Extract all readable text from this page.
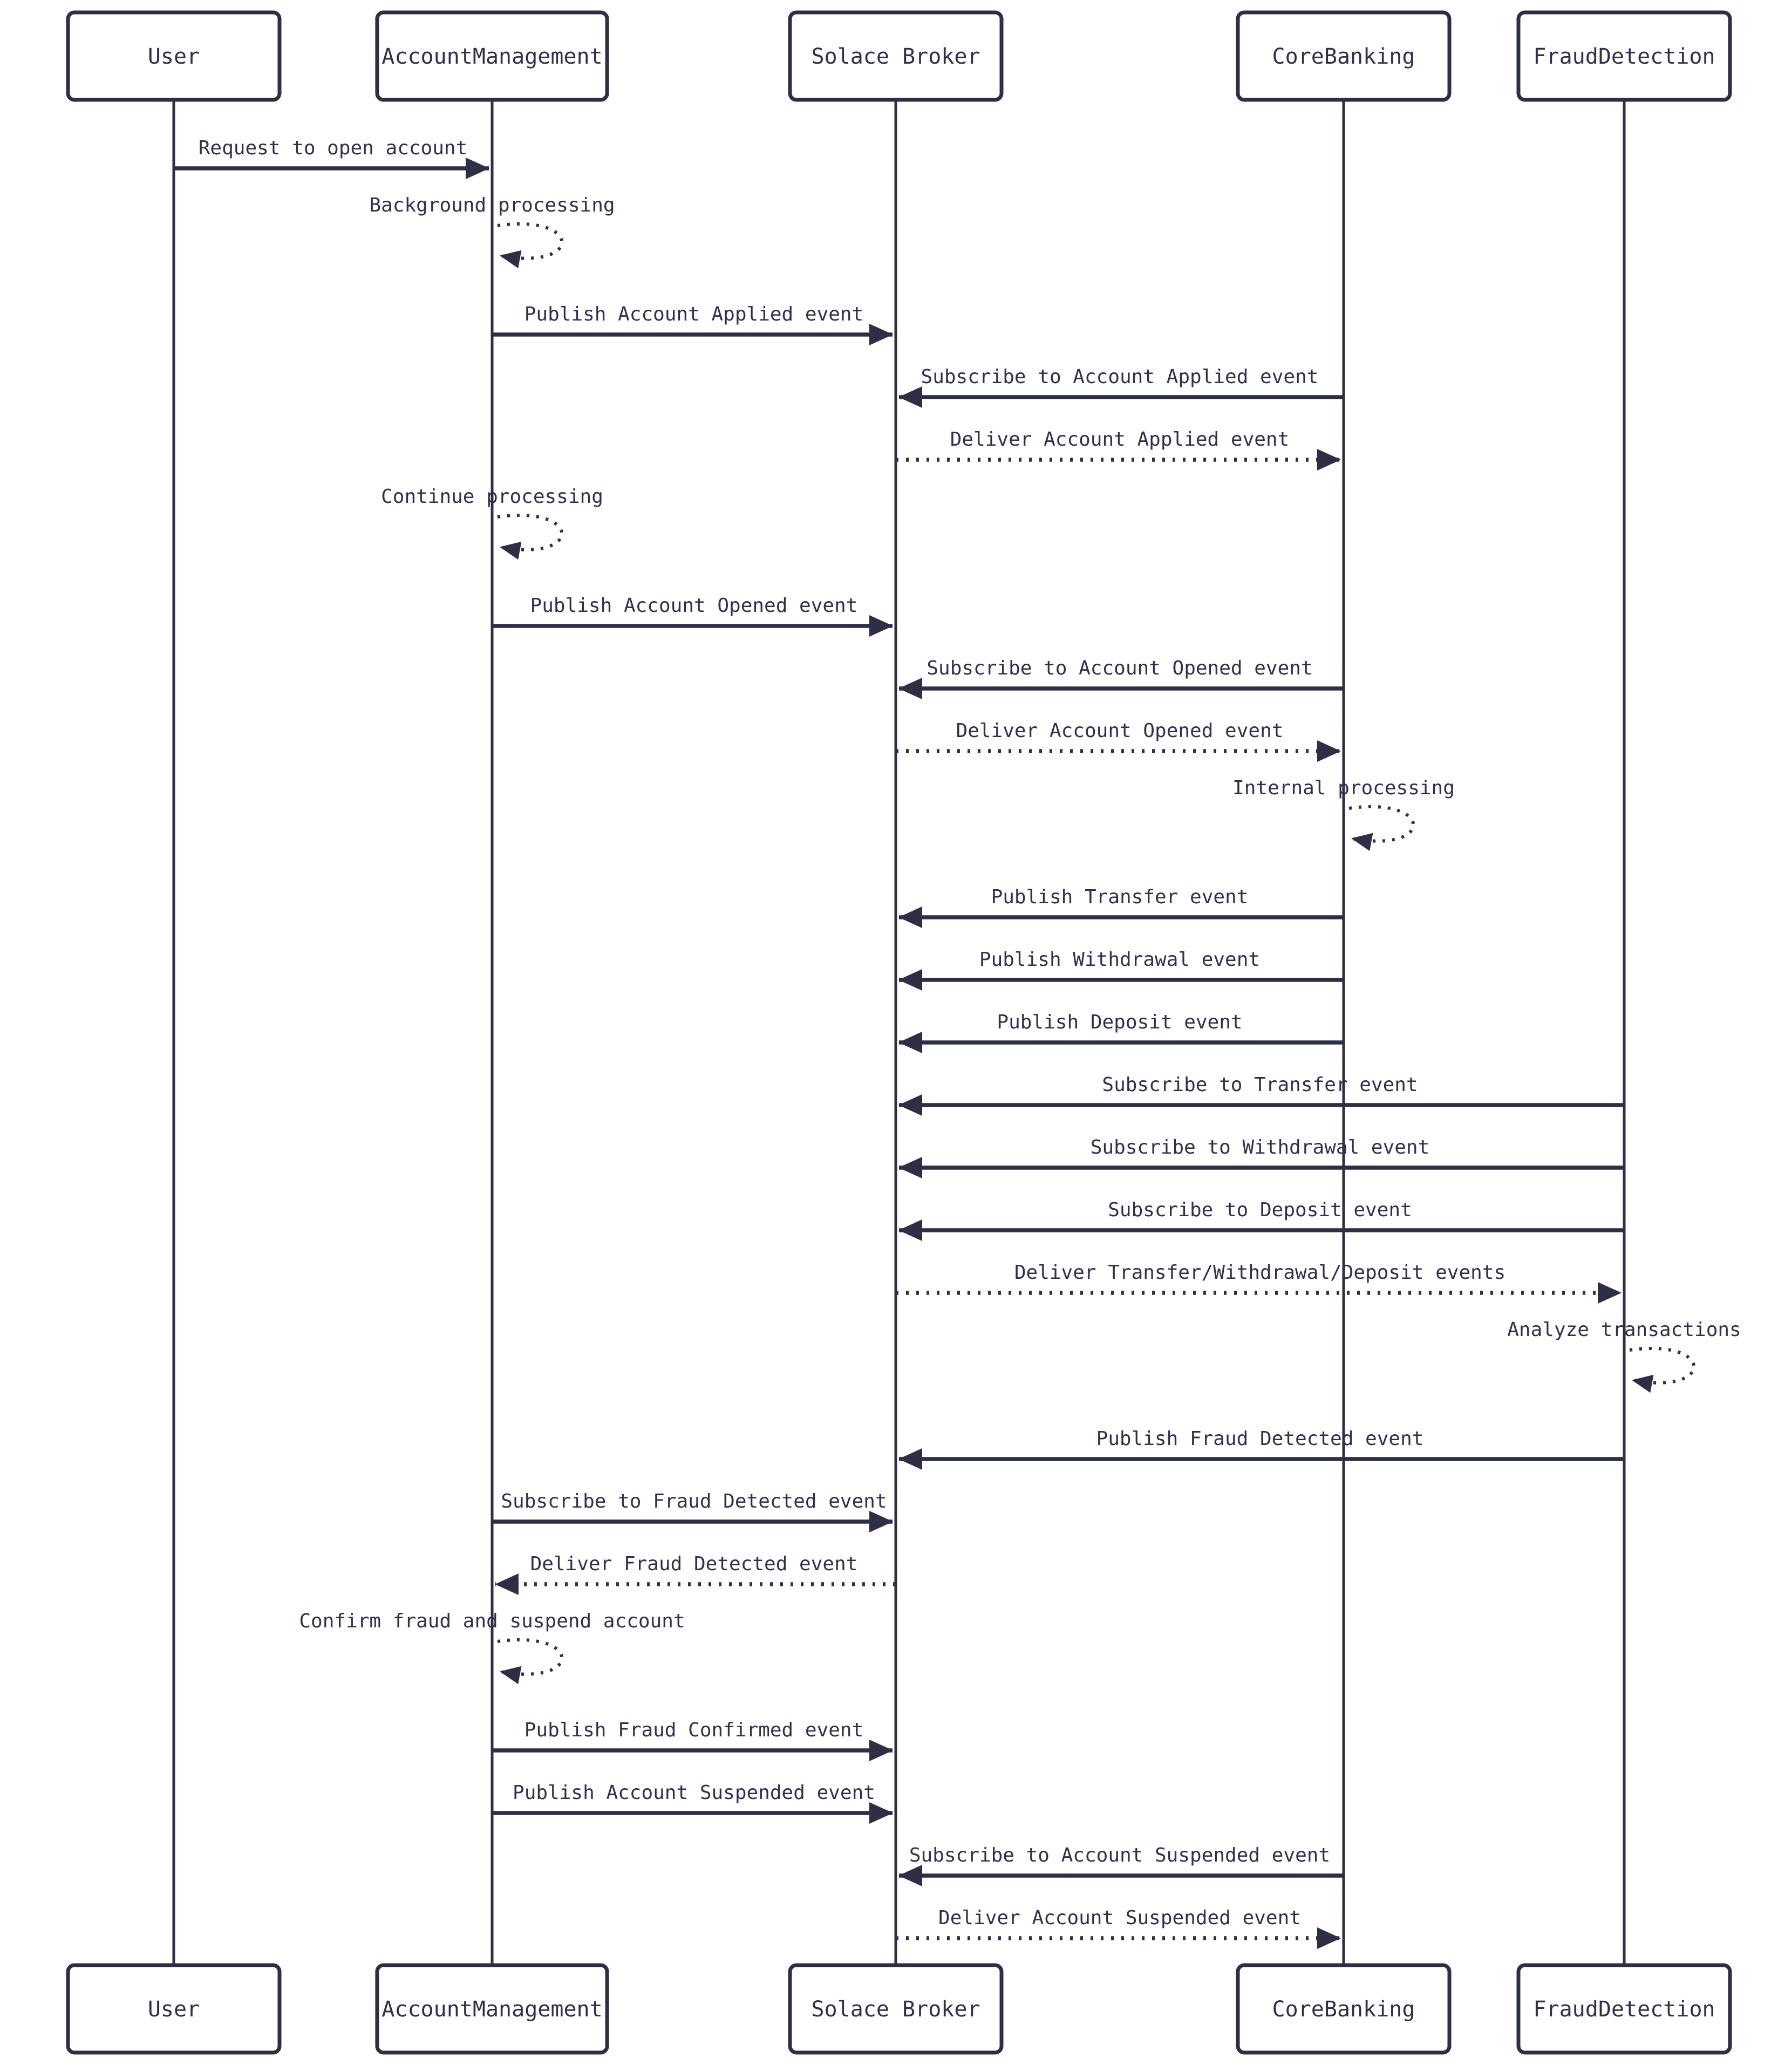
User
User
AccountManagement
AccountManagement
Solace Broker
Solace Broker
CoreBanking
CoreBanking
FraudDetection
FraudDetection
Request to open account
Background processing
Publish Account Applied event
Subscribe to Account Applied event
Deliver Account Applied event
Continue processing
Publish Account Opened event
Subscribe to Account Opened event
Deliver Account Opened event
Internal processing
Publish Transfer event
Publish Withdrawal event
Publish Deposit event
Subscribe to Transfer event
Subscribe to Withdrawal event
Subscribe to Deposit event
Deliver Transfer/Withdrawal/Deposit events
Analyze transactions
Publish Fraud Detected event
Subscribe to Fraud Detected event
Deliver Fraud Detected event
Confirm fraud and suspend account
Publish Fraud Confirmed event
Publish Account Suspended event
Subscribe to Account Suspended event
Deliver Account Suspended event
